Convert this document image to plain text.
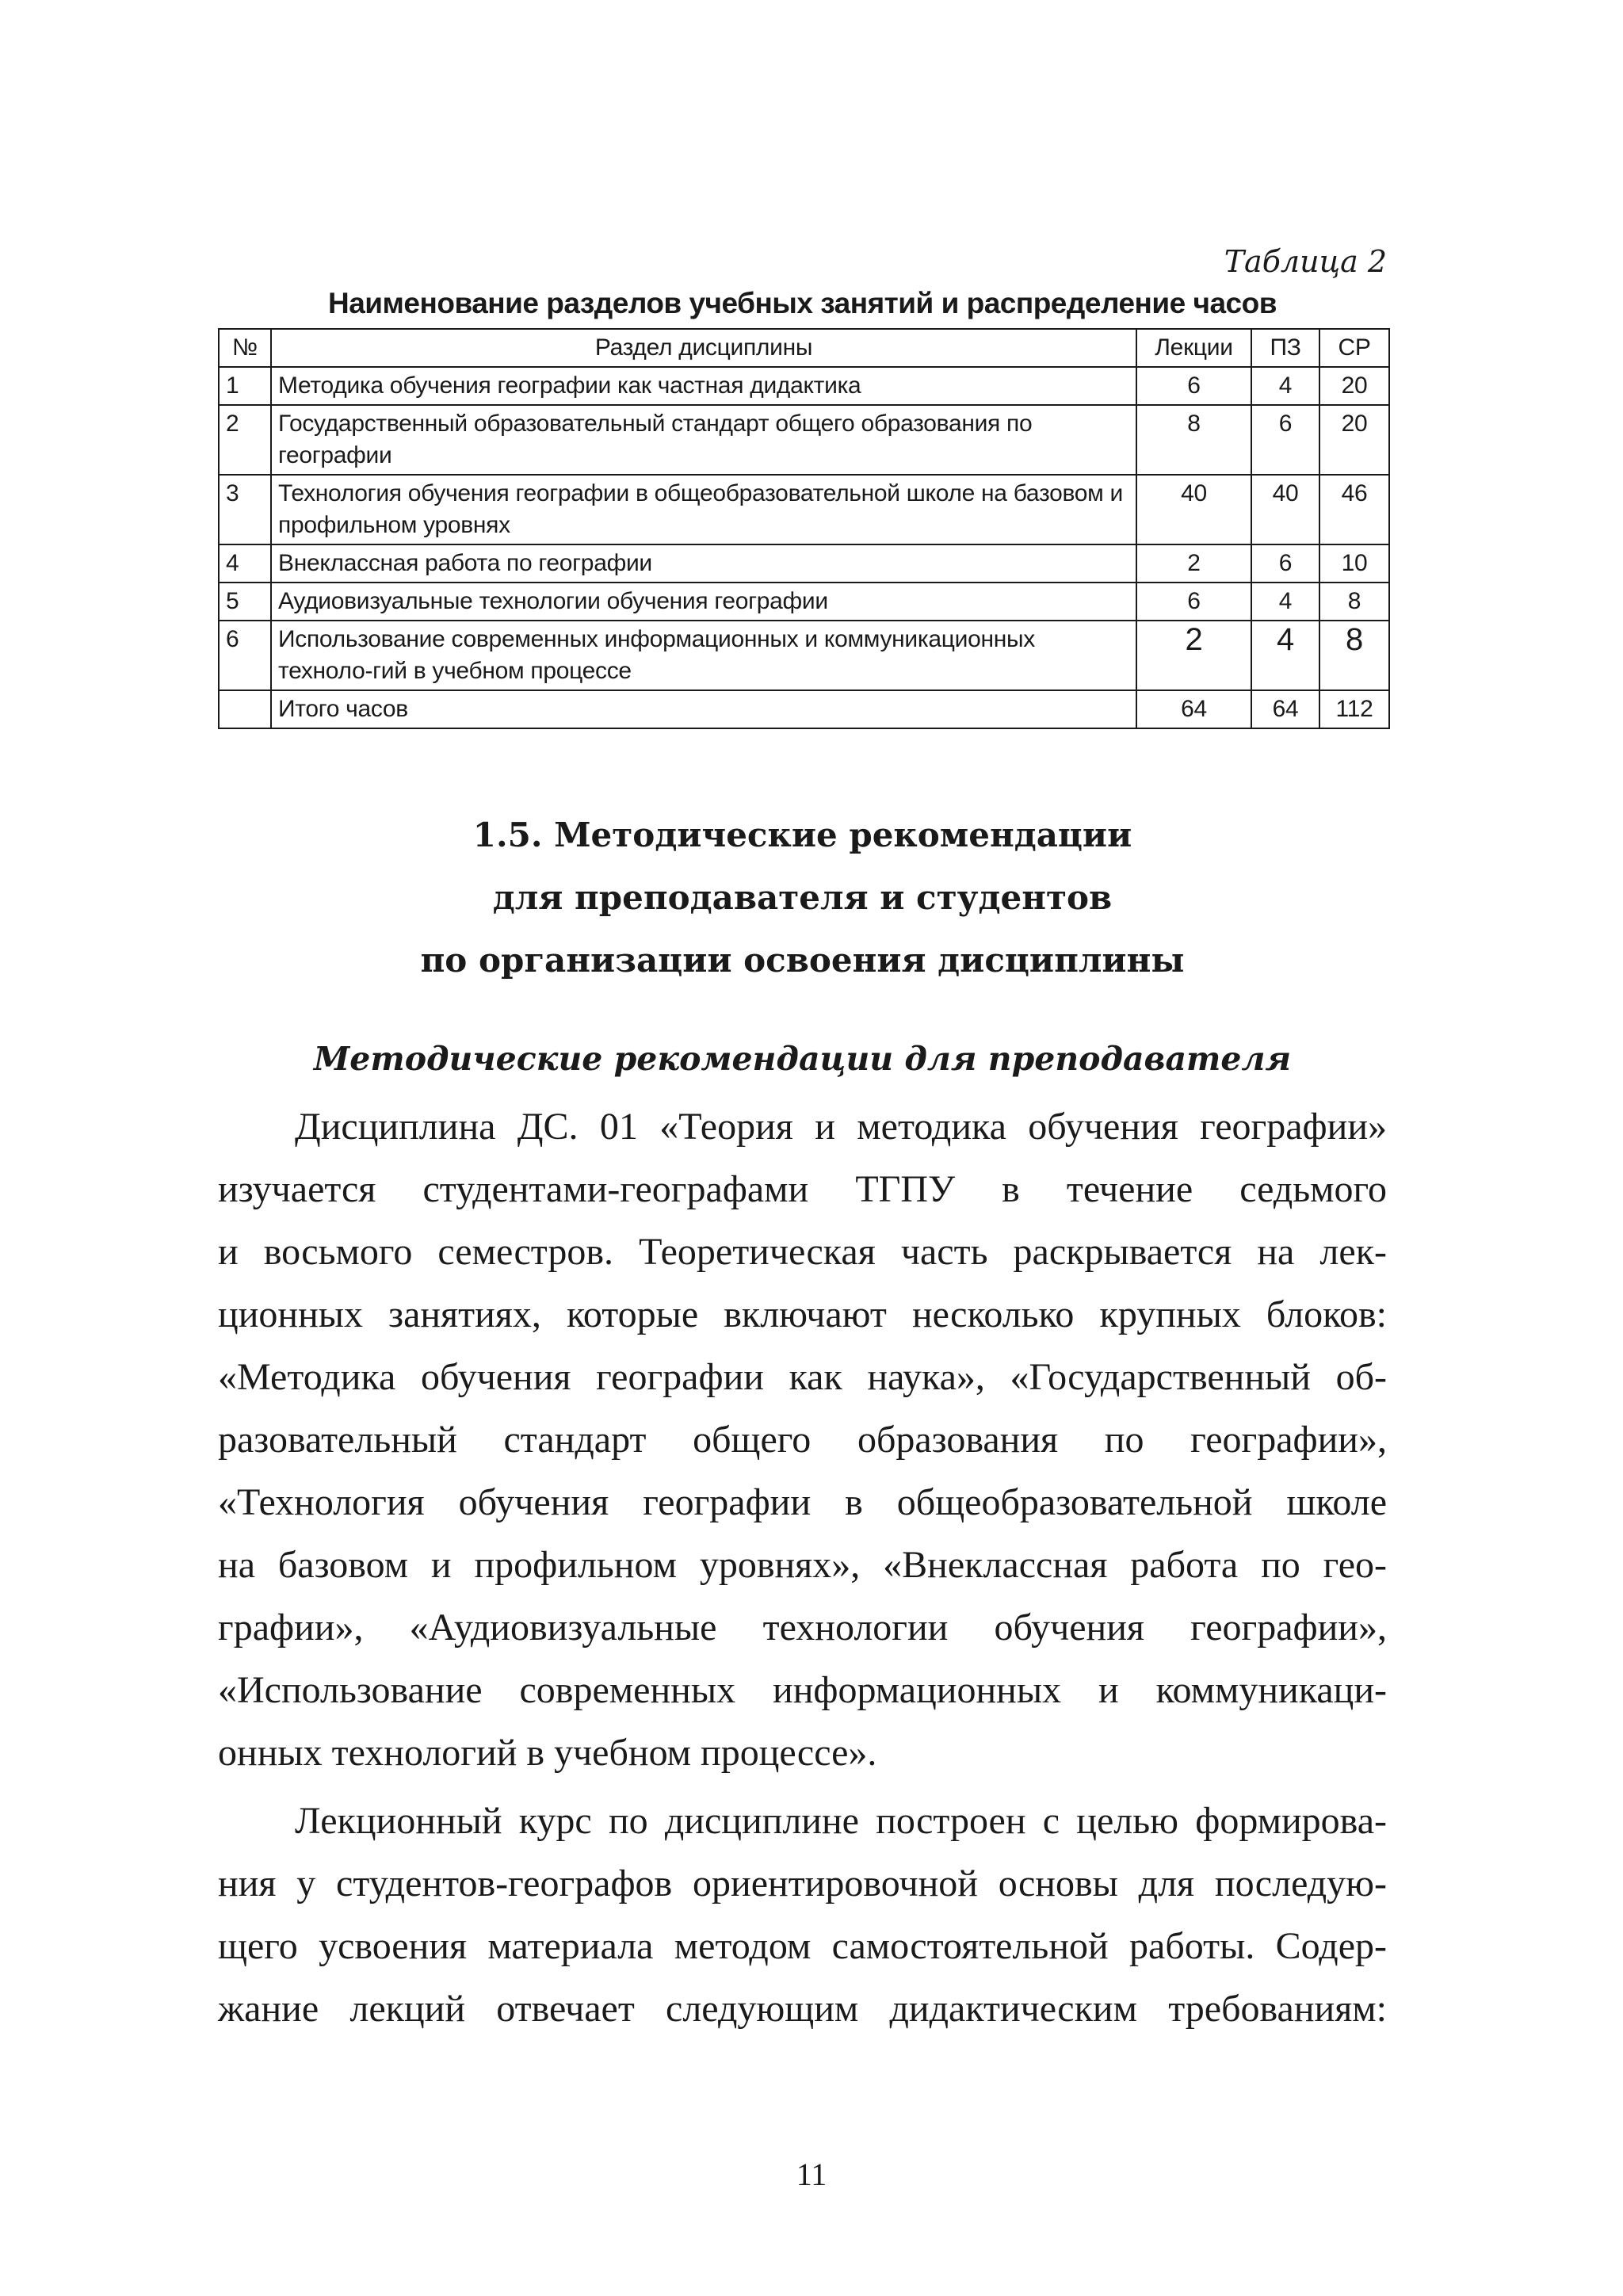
Таблица 2
Наименование разделов учебных занятий и распределение часов
№	Раздел дисциплины	Лекции	ПЗ	СР
1	Методика обучения географии как частная дидактика	6	4	20
2	Государственный образовательный стандарт общего образования по географии	8	6	20
3	Технология обучения географии в общеобразовательной школе на базовом и профильном уровнях	40	40	46
4	Внеклассная работа по географии	2	6	10
5	Аудиовизуальные технологии обучения географии	6	4	8
6	Использование современных информационных и коммуникационных техноло-гий в учебном процессе	2	4	8
	Итого часов	64	64	112
1.5. Методические рекомендации
для преподавателя и студентов
по организации освоения дисциплины
Методические рекомендации для преподавателя
Дисциплина ДС. 01 «Теория и методика обучения географии»
изучается студентами-географами ТГПУ в течение седьмого
и восьмого семестров. Теоретическая часть раскрывается на лек-
ционных занятиях, которые включают несколько крупных блоков:
«Методика обучения географии как наука», «Государственный об-
разовательный стандарт общего образования по географии»,
«Технология обучения географии в общеобразовательной школе
на базовом и профильном уровнях», «Внеклассная работа по гео-
графии», «Аудиовизуальные технологии обучения географии»,
«Использование современных информационных и коммуникаци-
онных технологий в учебном процессе».
Лекционный курс по дисциплине построен с целью формирова-
ния у студентов-географов ориентировочной основы для последую-
щего усвоения материала методом самостоятельной работы. Содер-
жание лекций отвечает следующим дидактическим требованиям:
11
